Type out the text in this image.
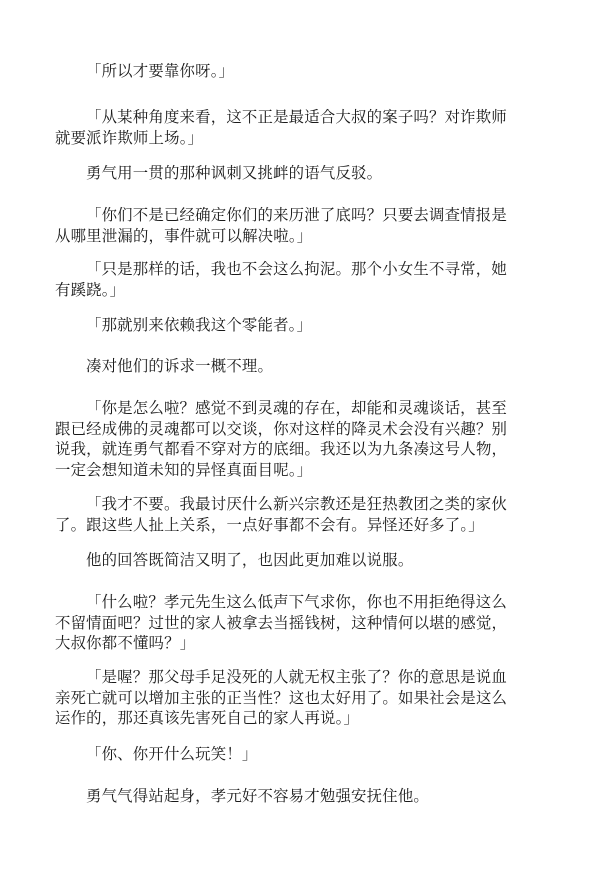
「所以才要靠你呀。」

「从某种角度来看，这不正是最适合大叔的案子吗？对诈欺师
就要派诈欺师上场。」

勇气用一贯的那种讽刺又挑衅的语气反驳。

「你们不是已经确定你们的来历泄了底吗？只要去调查情报是
从哪里泄漏的，事件就可以解决啦。」

「只是那样的话，我也不会这么拘泥。那个小女生不寻常，她
有蹊跷。」

「那就别来依赖我这个零能者。」

凑对他们的诉求一概不理。

「你是怎么啦？感觉不到灵魂的存在，却能和灵魂谈话，甚至
跟已经成佛的灵魂都可以交谈，你对这样的降灵术会没有兴趣？别
说我，就连勇气都看不穿对方的底细。我还以为九条凑这号人物，
一定会想知道未知的异怪真面目呢。」

「我才不要。我最讨厌什么新兴宗教还是狂热教团之类的家伙
了。跟这些人扯上关系，一点好事都不会有。异怪还好多了。」

他的回答既简洁又明了，也因此更加难以说服。

「什么啦？孝元先生这么低声下气求你，你也不用拒绝得这么
不留情面吧？过世的家人被拿去当摇钱树，这种情何以堪的感觉，
大叔你都不懂吗？」

「是喔？那父母手足没死的人就无权主张了？你的意思是说血
亲死亡就可以增加主张的正当性？这也太好用了。如果社会是这么
运作的，那还真该先害死自己的家人再说。」

「你、你开什么玩笑！」

勇气气得站起身，孝元好不容易才勉强安抚住他。
